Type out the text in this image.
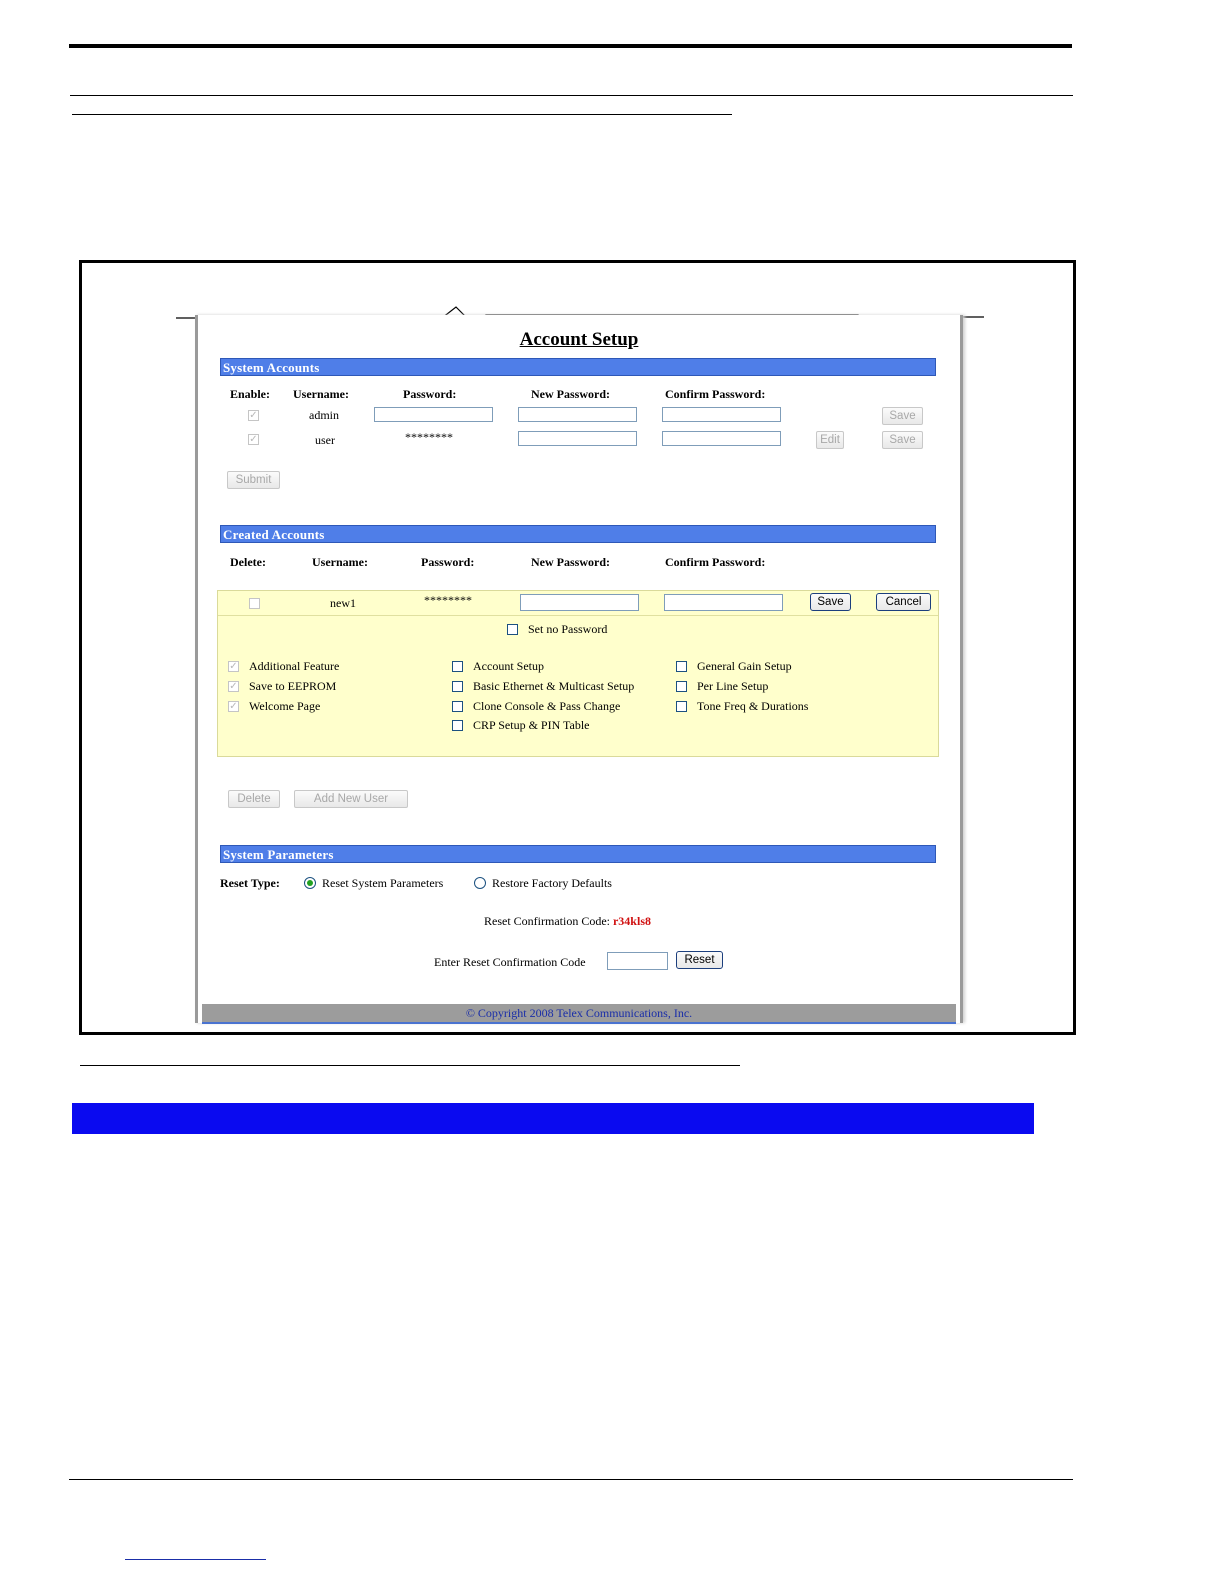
Account Setup
System Accounts
Enable: Username:	Password:	New Password:	Confirm Password:
✓	admin	Save
✓	user	********	Edit	Save
Submit
Created Accounts
Delete:	Username:	Password:	New Password:	Confirm Password:
new1	********	Save	Cancel
Set no Password
✓ Additional Feature
✓ Save to EEPROM
✓ Welcome Page
Account Setup
Basic Ethernet & Multicast Setup
Clone Console & Pass Change
CRP Setup & PIN Table
General Gain Setup
Per Line Setup
Tone Freq & Durations
Delete	Add New User
System Parameters
Reset Type:	Reset System Parameters	Restore Factory Defaults
Reset Confirmation Code: r34kls8
Enter Reset Confirmation Code	Reset
© Copyright 2008 Telex Communications, Inc.
